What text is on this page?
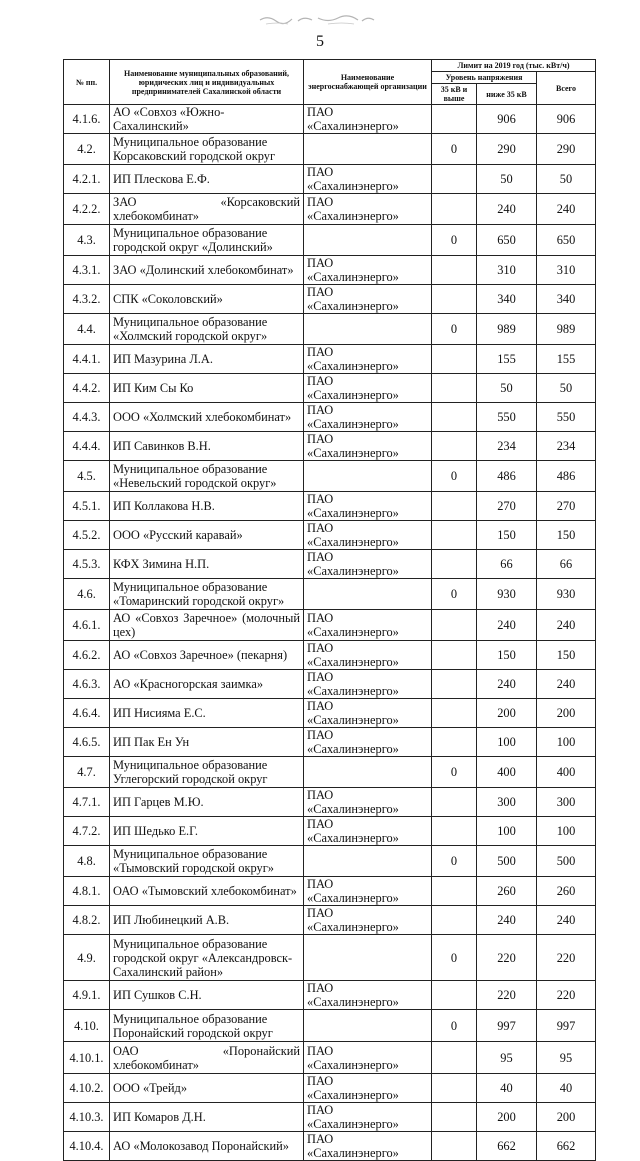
5
№ пп.	Наименование муниципальных образований, юридических лиц и индивидуальных предпринимателей Сахалинской области	Наименование энергоснабжающей организации	Лимит на 2019 год (тыс. кВт/ч)		
			Уровень напряжения		Всего
			35 кВ и выше	ниже 35 кВ	
4.1.6.	АО «Совхоз «Южно-Сахалинский»	ПАО «Сахалинэнерго»		906	906
4.2.	Муниципальное образование Корсаковский городской округ		0	290	290
4.2.1.	ИП Плескова Е.Ф.	ПАО «Сахалинэнерго»		50	50
4.2.2.	ЗАО «Корсаковский хлебокомбинат»	ПАО «Сахалинэнерго»		240	240
4.3.	Муниципальное образование городской округ «Долинский»		0	650	650
4.3.1.	ЗАО «Долинский хлебокомбинат»	ПАО «Сахалинэнерго»		310	310
4.3.2.	СПК «Соколовский»	ПАО «Сахалинэнерго»		340	340
4.4.	Муниципальное образование «Холмский городской округ»		0	989	989
4.4.1.	ИП Мазурина Л.А.	ПАО «Сахалинэнерго»		155	155
4.4.2.	ИП Ким Сы Ко	ПАО «Сахалинэнерго»		50	50
4.4.3.	ООО «Холмский хлебокомбинат»	ПАО «Сахалинэнерго»		550	550
4.4.4.	ИП Савинков В.Н.	ПАО «Сахалинэнерго»		234	234
4.5.	Муниципальное образование «Невельский городской округ»		0	486	486
4.5.1.	ИП Коллакова Н.В.	ПАО «Сахалинэнерго»		270	270
4.5.2.	ООО «Русский каравай»	ПАО «Сахалинэнерго»		150	150
4.5.3.	КФХ Зимина Н.П.	ПАО «Сахалинэнерго»		66	66
4.6.	Муниципальное образование «Томаринский городской округ»		0	930	930
4.6.1.	АО «Совхоз Заречное» (молочный цех)	ПАО «Сахалинэнерго»		240	240
4.6.2.	АО «Совхоз Заречное» (пекарня)	ПАО «Сахалинэнерго»		150	150
4.6.3.	АО «Красногорская заимка»	ПАО «Сахалинэнерго»		240	240
4.6.4.	ИП Нисияма Е.С.	ПАО «Сахалинэнерго»		200	200
4.6.5.	ИП Пак Ен Ун	ПАО «Сахалинэнерго»		100	100
4.7.	Муниципальное образование Углегорский городской округ		0	400	400
4.7.1.	ИП Гарцев М.Ю.	ПАО «Сахалинэнерго»		300	300
4.7.2.	ИП Шедько Е.Г.	ПАО «Сахалинэнерго»		100	100
4.8.	Муниципальное образование «Тымовский городской округ»		0	500	500
4.8.1.	ОАО «Тымовский хлебокомбинат»	ПАО «Сахалинэнерго»		260	260
4.8.2.	ИП Любинецкий А.В.	ПАО «Сахалинэнерго»		240	240
4.9.	Муниципальное образование городской округ «Александровск-Сахалинский район»		0	220	220
4.9.1.	ИП Сушков С.Н.	ПАО «Сахалинэнерго»		220	220
4.10.	Муниципальное образование Поронайский городской округ		0	997	997
4.10.1.	ОАО «Поронайский хлебокомбинат»	ПАО «Сахалинэнерго»		95	95
4.10.2.	ООО «Трейд»	ПАО «Сахалинэнерго»		40	40
4.10.3.	ИП Комаров Д.Н.	ПАО «Сахалинэнерго»		200	200
4.10.4.	АО «Молокозавод Поронайский»	ПАО «Сахалинэнерго»		662	662
